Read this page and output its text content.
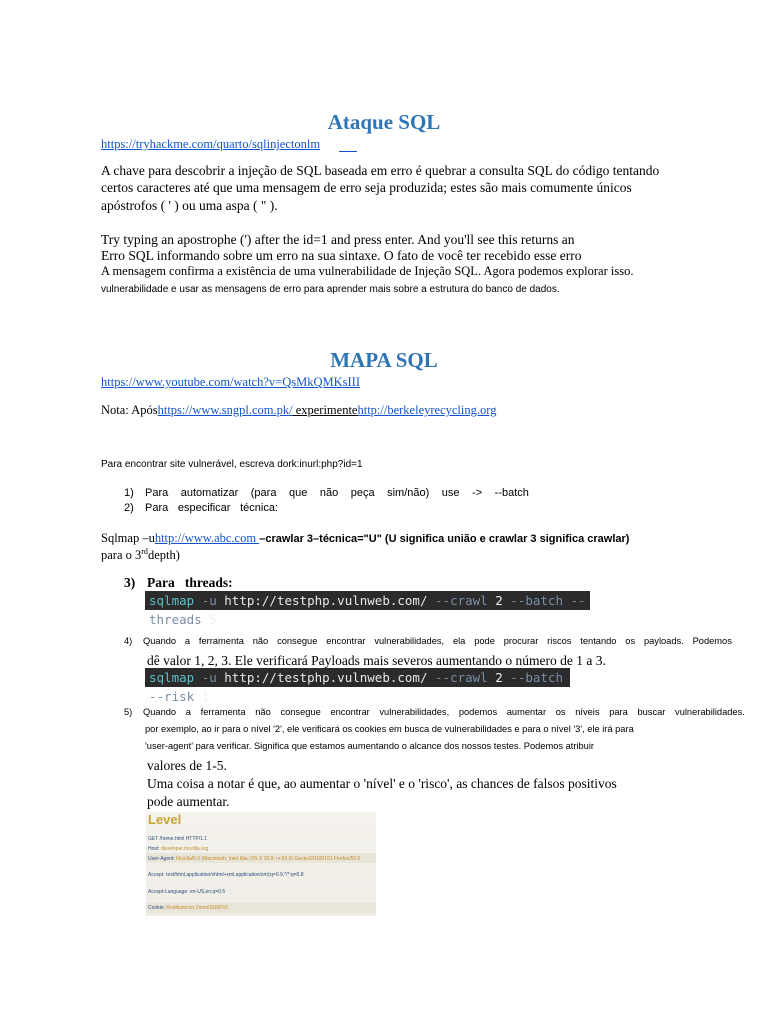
Ataque SQL
https://tryhackme.com/quarto/sqlinjectonlm
A chave para descobrir a injeção de SQL baseada em erro é quebrar a consulta SQL do código tentando
certos caracteres até que uma mensagem de erro seja produzida; estes são mais comumente únicos
apóstrofos ( ' ) ou uma aspa ( " ).
Try typing an apostrophe (') after the id=1 and press enter. And you'll see this returns an
Erro SQL informando sobre um erro na sua sintaxe. O fato de você ter recebido esse erro
A mensagem confirma a existência de uma vulnerabilidade de Injeção SQL. Agora podemos explorar isso.
vulnerabilidade e usar as mensagens de erro para aprender mais sobre a estrutura do banco de dados.
MAPA SQL
https://www.youtube.com/watch?v=QsMkQMKsIII
Nota: Apóshttps://www.sngpl.com.pk/ experimentehttp://berkeleyrecycling.org
Para encontrar site vulnerável, escreva dork:inurl:php?id=1
1) Para automatizar (para que não peça sim/não) use -> --batch
2) Para especificar técnica:
Sqlmap –uhttp://www.abc.com –crawlar 3–técnica="U" (U significa união e crawlar 3 significa crawlar)
para o 3rddepth)
3) Para   threads:
sqlmap -u http://testphp.vulnweb.com/ --crawl 2 --batch --threads 5
4) Quando a ferramenta não consegue encontrar vulnerabilidades, ela pode procurar riscos tentando os payloads. Podemos
dê valor 1, 2, 3. Ele verificará Payloads mais severos aumentando o número de 1 a 3.
sqlmap -u http://testphp.vulnweb.com/ --crawl 2 --batch --risk 1
5) Quando a ferramenta não consegue encontrar vulnerabilidades, podemos aumentar os níveis para buscar vulnerabilidades.
por exemplo, ao ir para o nível '2', ele verificará os cookies em busca de vulnerabilidades e para o nível '3', ele irá para
'user-agent' para verificar. Significa que estamos aumentando o alcance dos nossos testes. Podemos atribuir
valores de 1-5.
Uma coisa a notar é que, ao aumentar o 'nível' e o 'risco', as chances de falsos positivos
pode aumentar.
Level
GET /home.html HTTP/1.1
Host: developer.mozilla.org
User-Agent: Mozilla/5.0 (Macintosh; Intel Mac OS X 10.9; rv:50.0) Gecko/20100101 Firefox/50.0
Accept: text/html,application/xhtml+xml,application/xml;q=0.9,*/*;q=0.8
Accept-Language: en-US,en;q=0.5
Cookie: Roelkamcon Zoom09J6P10
